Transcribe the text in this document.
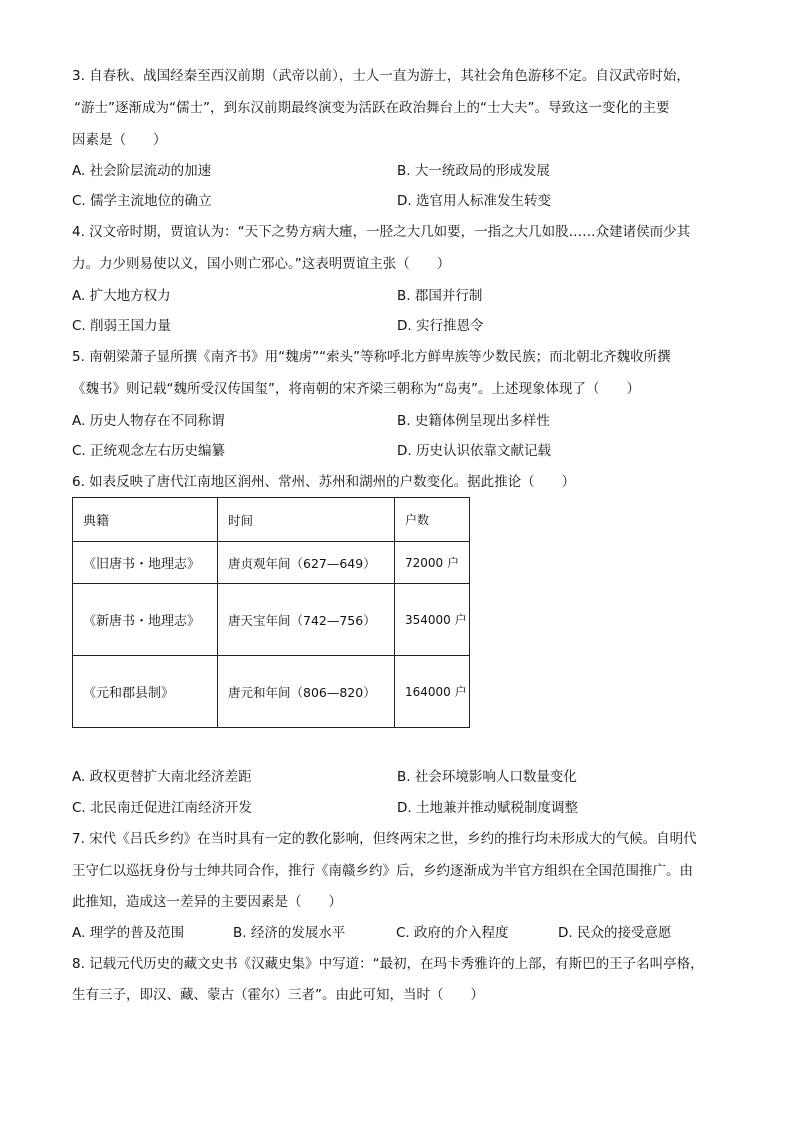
3. 自春秋、战国经秦至西汉前期（武帝以前），士人一直为游士，其社会角色游移不定。自汉武帝时始，
“游士”逐渐成为“儒士”，到东汉前期最终演变为活跃在政治舞台上的“士大夫”。导致这一变化的主要
因素是（　　）
A. 社会阶层流动的加速	B. 大一统政局的形成发展
C. 儒学主流地位的确立	D. 选官用人标准发生转变
4. 汉文帝时期，贾谊认为：“天下之势方病大瘇，一胫之大几如要，一指之大几如股……众建诸侯而少其
力。力少则易使以义，国小则亡邪心。”这表明贾谊主张（　　）
A. 扩大地方权力	B. 郡国并行制
C. 削弱王国力量	D. 实行推恩令
5. 南朝梁萧子显所撰《南齐书》用“魏虏”“索头”等称呼北方鲜卑族等少数民族；而北朝北齐魏收所撰
《魏书》则记载“魏所受汉传国玺”，将南朝的宋齐梁三朝称为“岛夷”。上述现象体现了（　　）
A. 历史人物存在不同称谓	B. 史籍体例呈现出多样性
C. 正统观念左右历史编纂	D. 历史认识依靠文献记载
6. 如表反映了唐代江南地区润州、常州、苏州和湖州的户数变化。据此推论（　　）
典籍	时间	户数
《旧唐书・地理志》	唐贞观年间（627—649）	72000 户
《新唐书・地理志》	唐天宝年间（742—756）	354000 户
《元和郡县制》	唐元和年间（806—820）	164000 户
A. 政权更替扩大南北经济差距	B. 社会环境影响人口数量变化
C. 北民南迁促进江南经济开发	D. 土地兼并推动赋税制度调整
7. 宋代《吕氏乡约》在当时具有一定的教化影响，但终两宋之世，乡约的推行均未形成大的气候。自明代
王守仁以巡抚身份与士绅共同合作，推行《南赣乡约》后，乡约逐渐成为半官方组织在全国范围推广。由
此推知，造成这一差异的主要因素是（　　）
A. 理学的普及范围	B. 经济的发展水平	C. 政府的介入程度	D. 民众的接受意愿
8. 记载元代历史的藏文史书《汉藏史集》中写道：“最初，在玛卡秀雅许的上部，有斯巴的王子名叫亭格，
生有三子，即汉、藏、蒙古（霍尔）三者”。由此可知，当时（　　）
